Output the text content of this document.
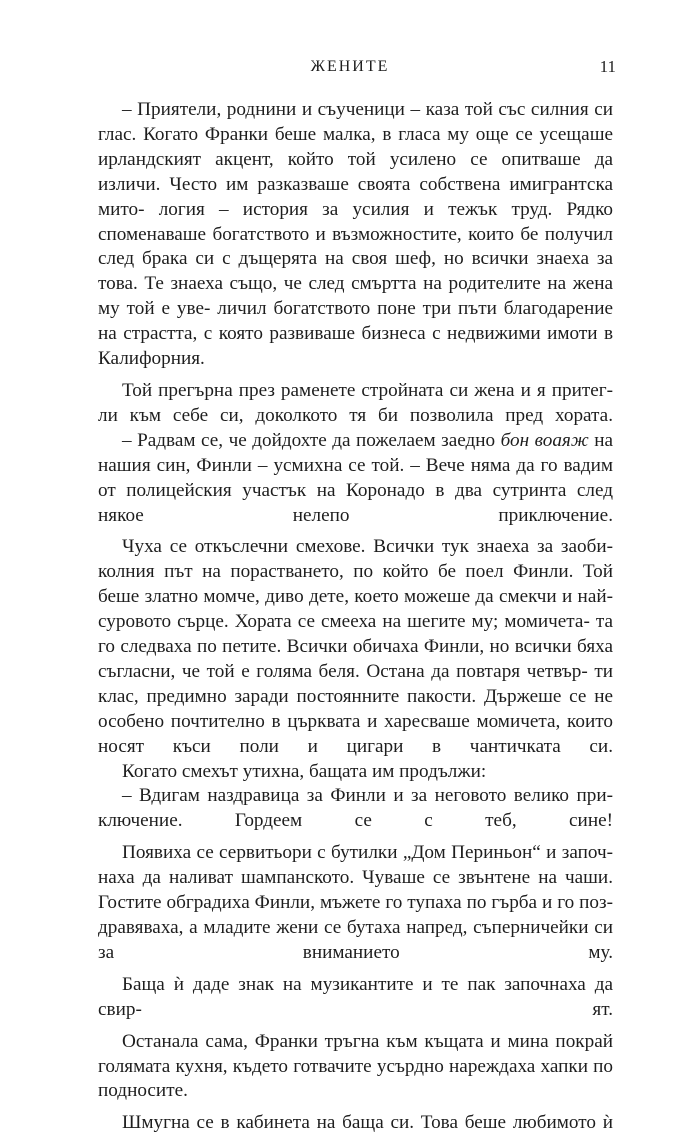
ЖЕНИТЕ	11

– Приятели, роднини и съученици – каза той със силния си глас. Когато Франки беше малка, в гласа му още се усещаше ирландският акцент, който той усилено се опитваше да изличи. Често им разказваше своята собствена имигрантска мито- логия – история за усилия и тежък труд. Рядко споменаваше богатството и възможностите, които бе получил след брака си с дъщерята на своя шеф, но всички знаеха за това. Те знаеха също, че след смъртта на родителите на жена му той е уве- личил богатството поне три пъти благодарение на страстта, с която развиваше бизнеса с недвижими имоти в Калифорния.

Той прегърна през раменете стройната си жена и я притег- ли към себе си, доколкото тя би позволила пред хората.

– Радвам се, че дойдохте да пожелаем заедно бон воаяж на нашия син, Финли – усмихна се той. – Вече няма да го вадим от полицейския участък на Коронадо в два сутринта след някое	нелепо приключение.

Чуха се откъслечни смехове. Всички тук знаеха за заоби- колния път на порастването, по който бе поел Финли. Той беше златно момче, диво дете, което можеше да смекчи и най- суровото сърце. Хората се смееха на шегите му; момичета- та го следваха по петите. Всички обичаха Финли, но всички бяха съгласни, че той е голяма беля. Остана да повтаря четвър- ти клас, предимно заради постоянните пакости. Държеше се не особено почтително в църквата и харесваше момичета, които носят къси поли и цигари в чантичката си.

Когато смехът утихна, бащата им продължи:

– Вдигам наздравица за Финли и за неговото велико при- ключение. Гордеем се с теб, сине!

Появиха се сервитьори с бутилки „Дом Периньон“ и започ- наха да наливат шампанското. Чуваше се звънтене на чаши. Гостите обградиха Финли, мъжете го тупаха по гърба и го поз- дравяваха, а младите жени се бутаха напред, съперничейки си за вниманието му.

Баща ѝ даде знак на музикантите и те пак започнаха да свир-	ят.

Останала сама, Франки тръгна към къщата и мина покрай голямата кухня, където готвачите усърдно нареждаха хапки по подносите.

Шмугна се в кабинета на баща си. Това беше любимото ѝ
